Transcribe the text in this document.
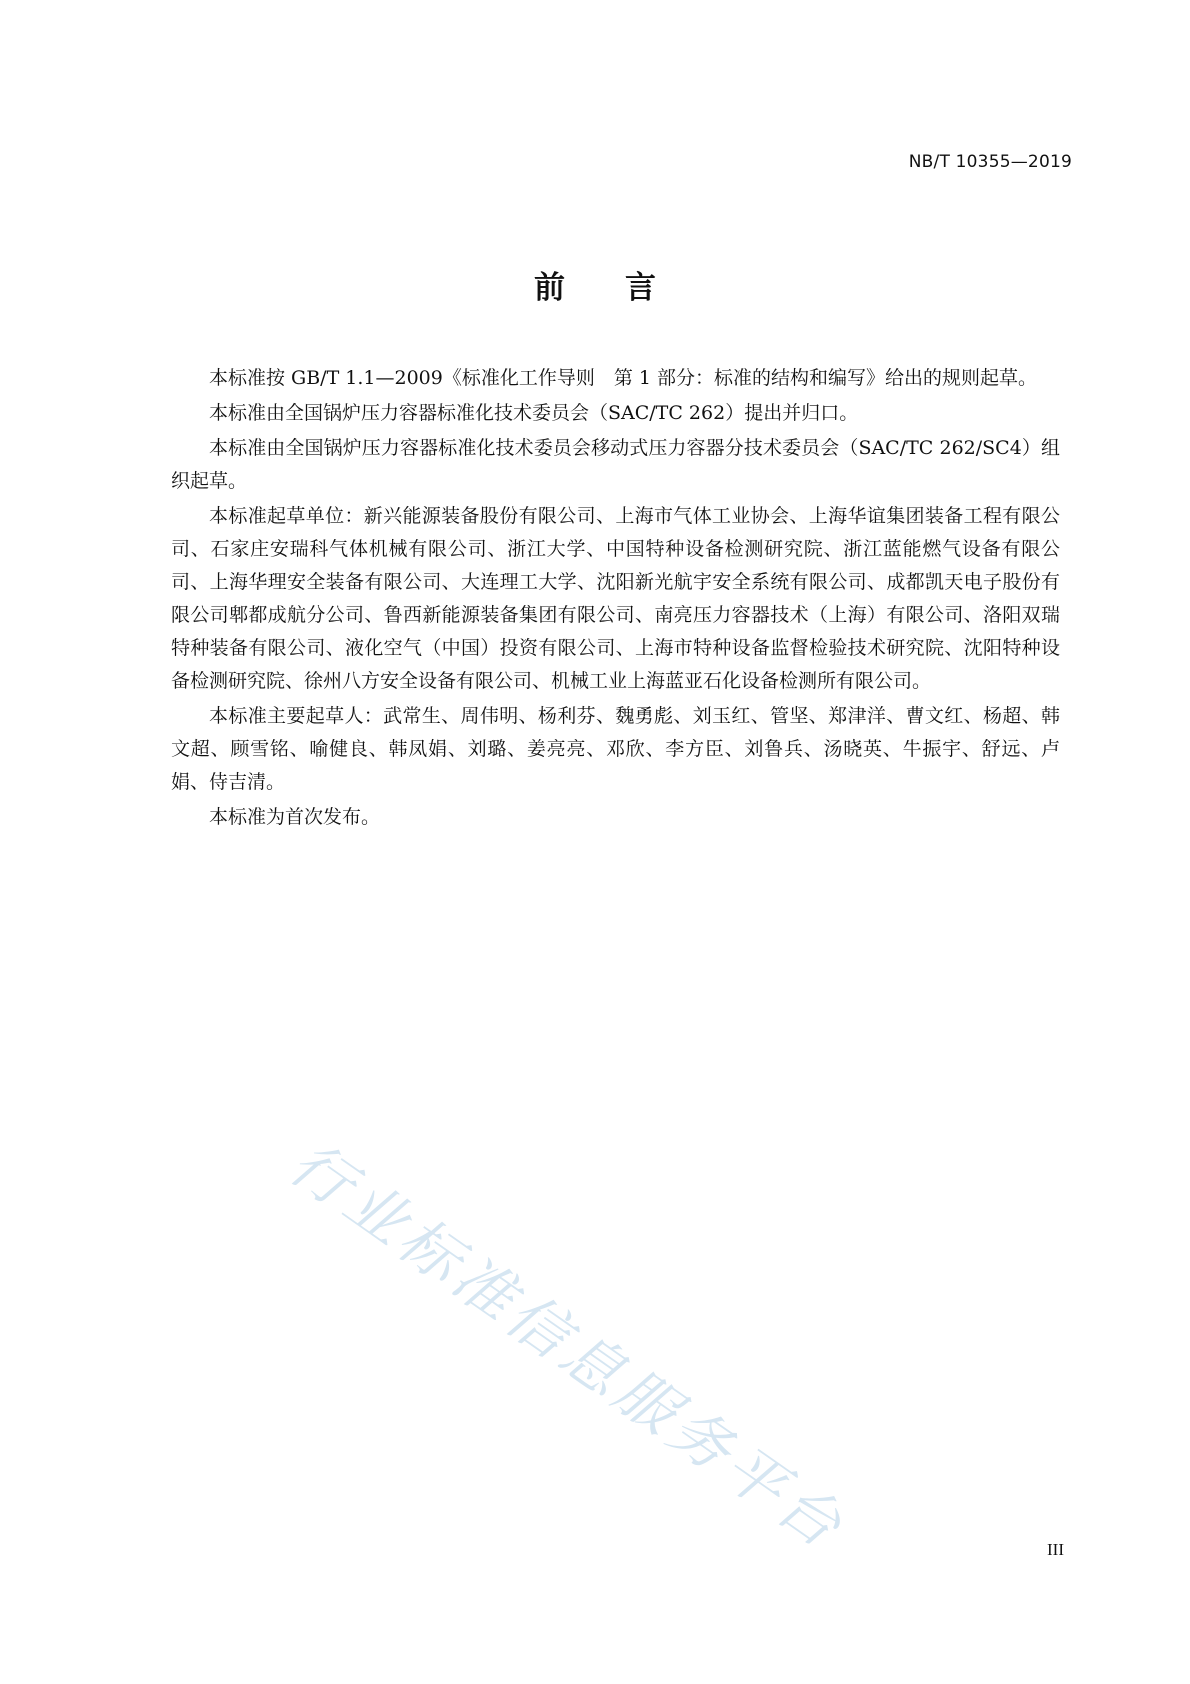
NB/T 10355—2019
前 言

本标准按 GB/T 1.1—2009《标准化工作导则　第 1 部分：标准的结构和编写》给出的规则起草。

本标准由全国锅炉压力容器标准化技术委员会（SAC/TC 262）提出并归口。

本标准由全国锅炉压力容器标准化技术委员会移动式压力容器分技术委员会（SAC/TC 262/SC4）组织起草。

本标准起草单位：新兴能源装备股份有限公司、上海市气体工业协会、上海华谊集团装备工程有限公司、石家庄安瑞科气体机械有限公司、浙江大学、中国特种设备检测研究院、浙江蓝能燃气设备有限公司、上海华理安全装备有限公司、大连理工大学、沈阳新光航宇安全系统有限公司、成都凯天电子股份有限公司郫都成航分公司、鲁西新能源装备集团有限公司、南亮压力容器技术（上海）有限公司、洛阳双瑞特种装备有限公司、液化空气（中国）投资有限公司、上海市特种设备监督检验技术研究院、沈阳特种设备检测研究院、徐州八方安全设备有限公司、机械工业上海蓝亚石化设备检测所有限公司。

本标准主要起草人：武常生、周伟明、杨利芬、魏勇彪、刘玉红、管坚、郑津洋、曹文红、杨超、韩文超、顾雪铭、喻健良、韩凤娟、刘璐、姜亮亮、邓欣、李方臣、刘鲁兵、汤晓英、牛振宇、舒远、卢娟、侍吉清。

本标准为首次发布。

行业标准信息服务平台	III
